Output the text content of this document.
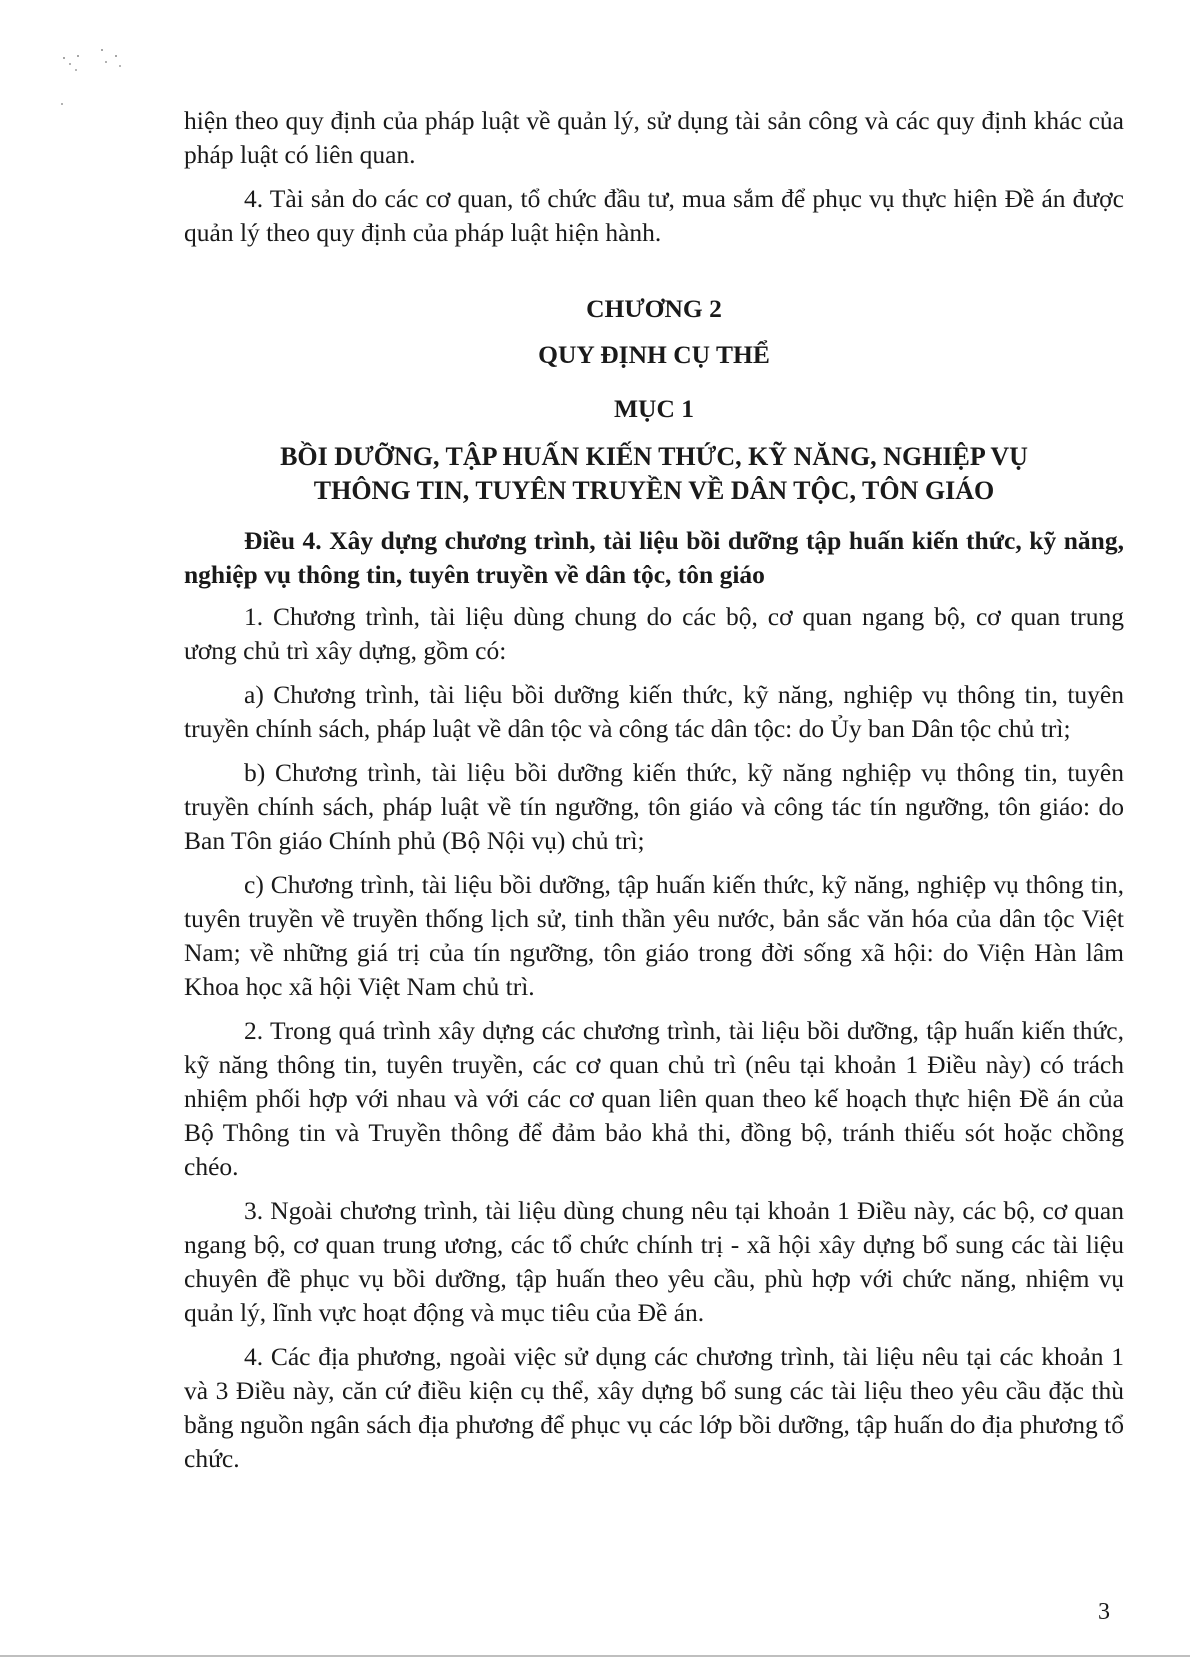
hiện theo quy định của pháp luật về quản lý, sử dụng tài sản công và các quy định khác của pháp luật có liên quan.

4. Tài sản do các cơ quan, tổ chức đầu tư, mua sắm để phục vụ thực hiện Đề án được quản lý theo quy định của pháp luật hiện hành.

CHƯƠNG 2

QUY ĐỊNH CỤ THỂ

MỤC 1

BỒI DƯỠNG, TẬP HUẤN KIẾN THỨC, KỸ NĂNG, NGHIỆP VỤ

THÔNG TIN, TUYÊN TRUYỀN VỀ DÂN TỘC, TÔN GIÁO

Điều 4. Xây dựng chương trình, tài liệu bồi dưỡng tập huấn kiến thức, kỹ năng, nghiệp vụ thông tin, tuyên truyền về dân tộc, tôn giáo

1. Chương trình, tài liệu dùng chung do các bộ, cơ quan ngang bộ, cơ quan trung ương chủ trì xây dựng, gồm có:

a) Chương trình, tài liệu bồi dưỡng kiến thức, kỹ năng, nghiệp vụ thông tin, tuyên truyền chính sách, pháp luật về dân tộc và công tác dân tộc: do Ủy ban Dân tộc chủ trì;

b) Chương trình, tài liệu bồi dưỡng kiến thức, kỹ năng nghiệp vụ thông tin, tuyên truyền chính sách, pháp luật về tín ngưỡng, tôn giáo và công tác tín ngưỡng, tôn giáo: do Ban Tôn giáo Chính phủ (Bộ Nội vụ) chủ trì;

c) Chương trình, tài liệu bồi dưỡng, tập huấn kiến thức, kỹ năng, nghiệp vụ thông tin, tuyên truyền về truyền thống lịch sử, tinh thần yêu nước, bản sắc văn hóa của dân tộc Việt Nam; về những giá trị của tín ngưỡng, tôn giáo trong đời sống xã hội: do Viện Hàn lâm Khoa học xã hội Việt Nam chủ trì.

2. Trong quá trình xây dựng các chương trình, tài liệu bồi dưỡng, tập huấn kiến thức, kỹ năng thông tin, tuyên truyền, các cơ quan chủ trì (nêu tại khoản 1 Điều này) có trách nhiệm phối hợp với nhau và với các cơ quan liên quan theo kế hoạch thực hiện Đề án của Bộ Thông tin và Truyền thông để đảm bảo khả thi, đồng bộ, tránh thiếu sót hoặc chồng chéo.

3. Ngoài chương trình, tài liệu dùng chung nêu tại khoản 1 Điều này, các bộ, cơ quan ngang bộ, cơ quan trung ương, các tổ chức chính trị - xã hội xây dựng bổ sung các tài liệu chuyên đề phục vụ bồi dưỡng, tập huấn theo yêu cầu, phù hợp với chức năng, nhiệm vụ quản lý, lĩnh vực hoạt động và mục tiêu của Đề án.

4. Các địa phương, ngoài việc sử dụng các chương trình, tài liệu nêu tại các khoản 1 và 3 Điều này, căn cứ điều kiện cụ thể, xây dựng bổ sung các tài liệu theo yêu cầu đặc thù bằng nguồn ngân sách địa phương để phục vụ các lớp bồi dưỡng, tập huấn do địa phương tổ chức.

3
